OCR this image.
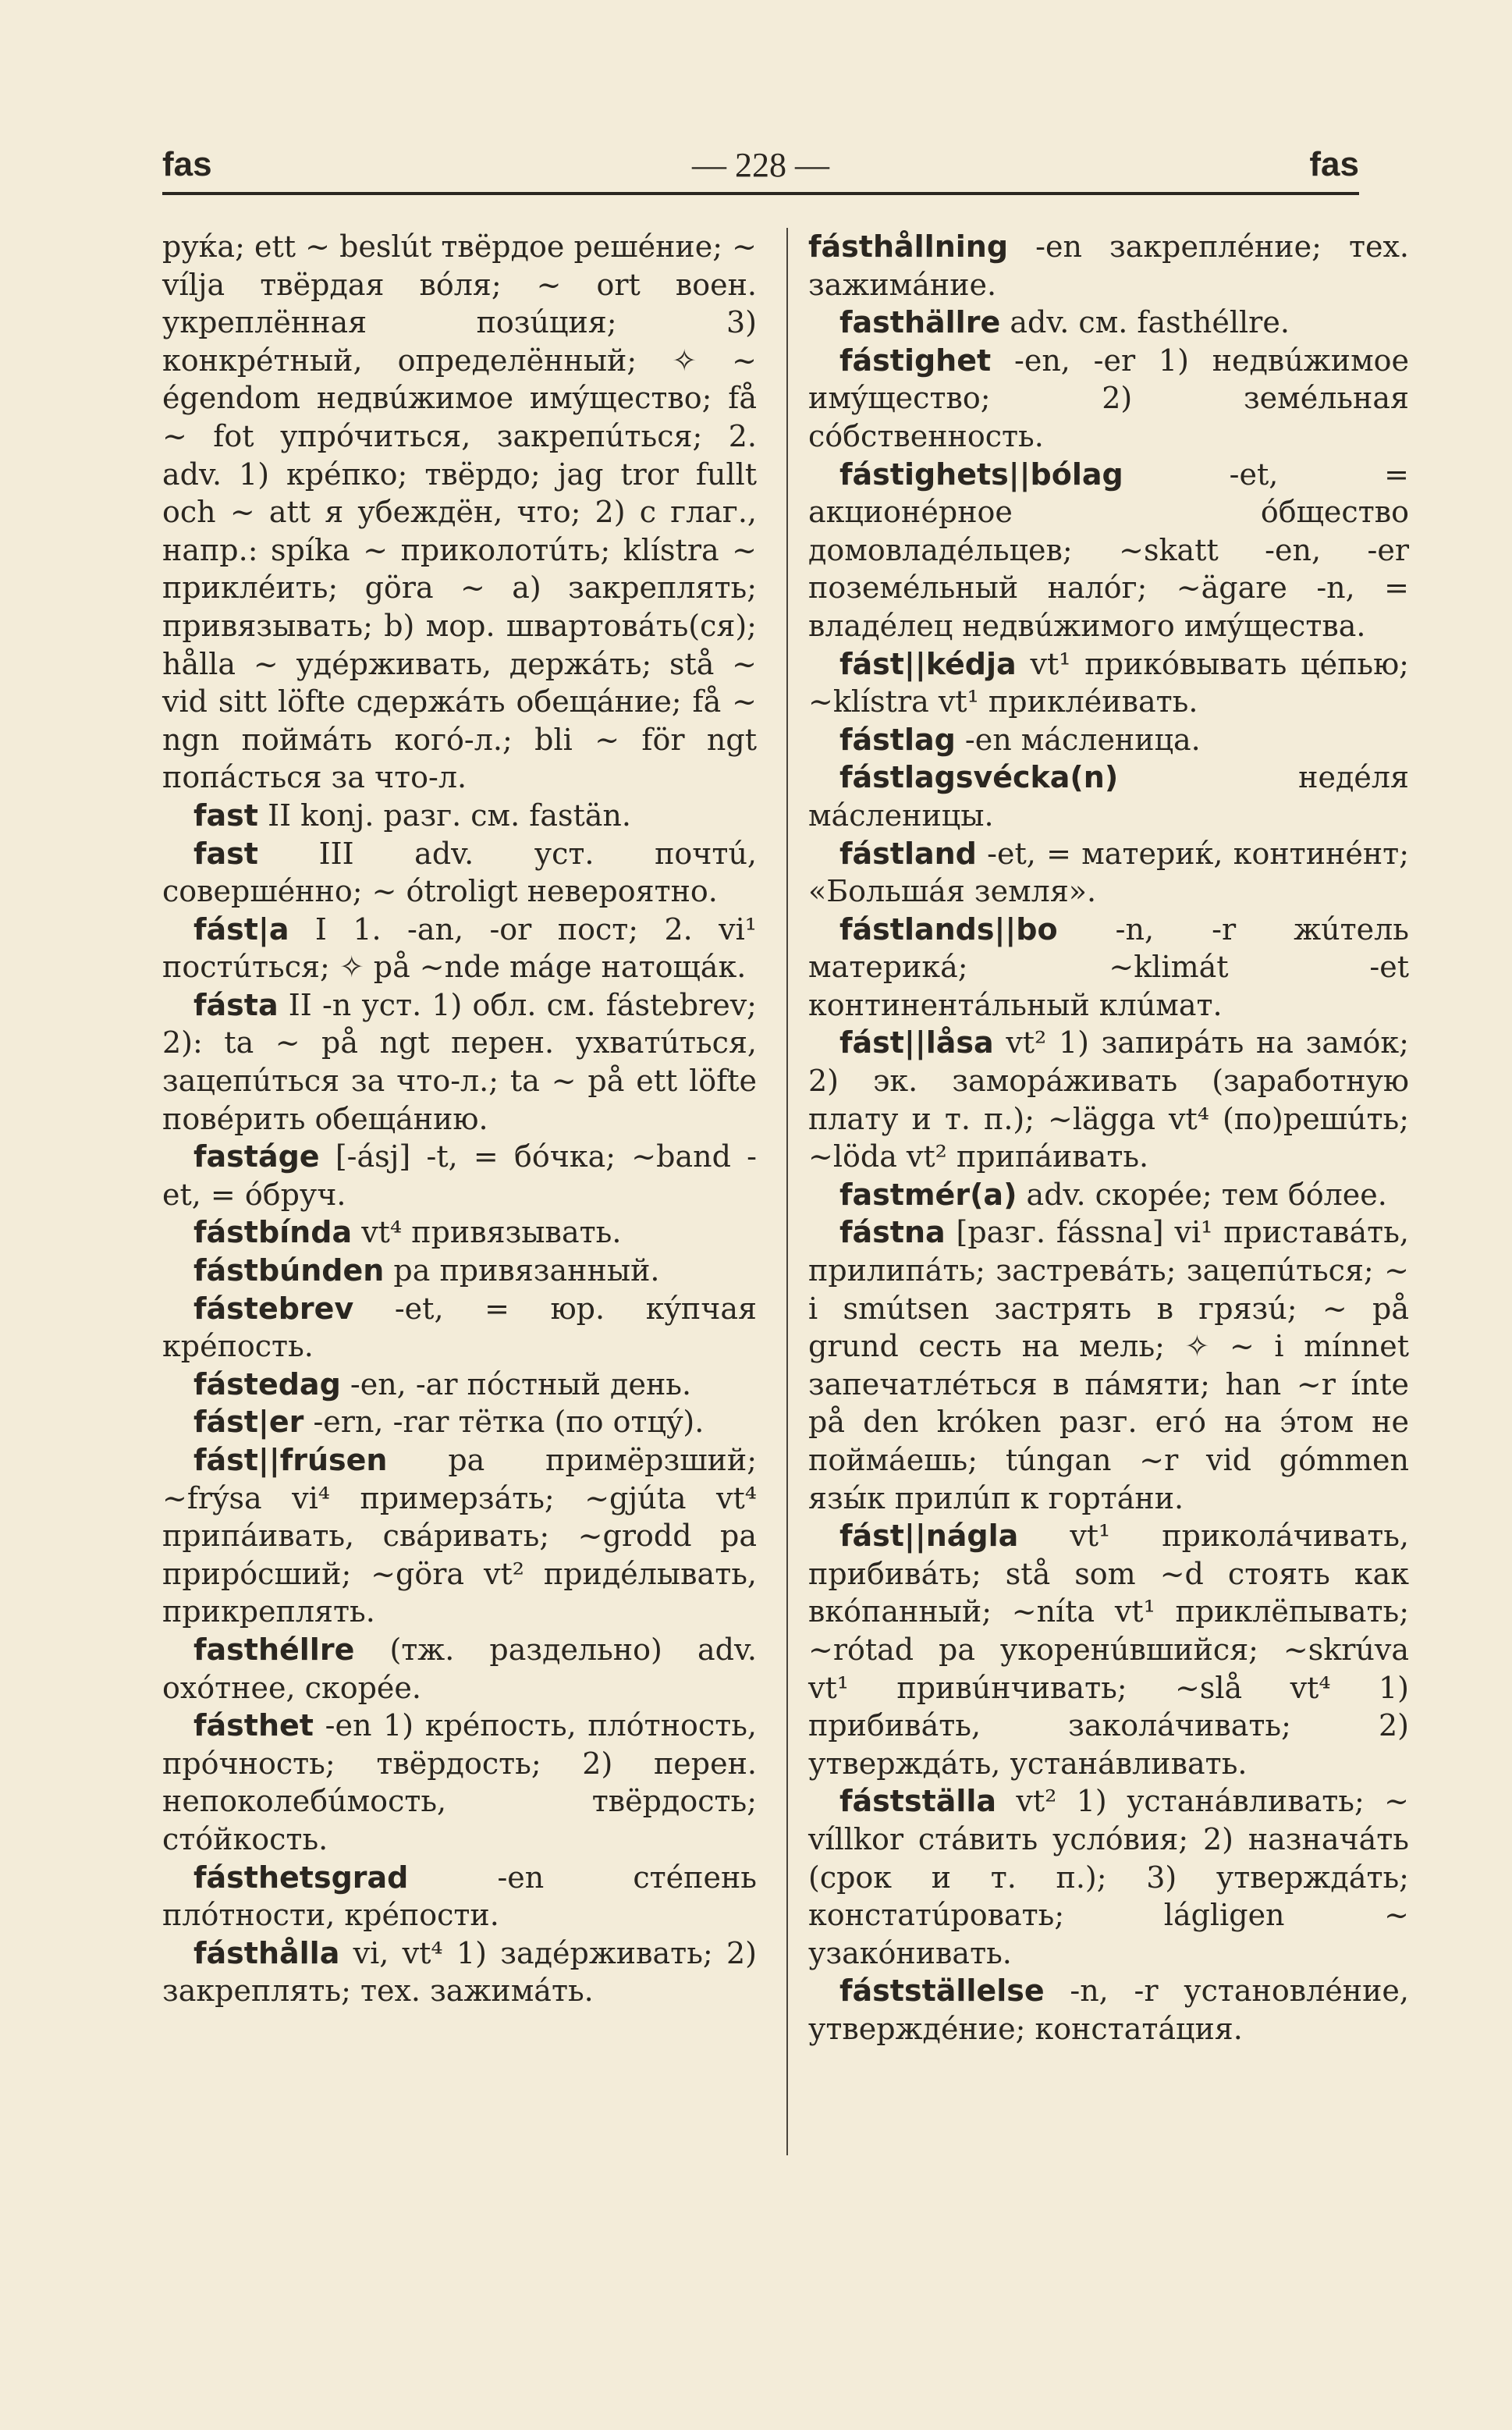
fas	— 228 —	fas

руќа; ett ~ beslút твёрдое решéние; ~ vílja твёрдая вóля; ~ ort воен. укреплённая позúция; 3) конкрéтный, определённый; ✧ ~ égendom недвúжимое имýщество; få ~ fot упрóчиться, закрепúться; 2. adv. 1) крéпко; твёрдо; jag tror fullt och ~ att я убеждён, что; 2) с глаг., напр.: spíka ~ приколотúть; klístra ~ приклéить; göra ~ a) закреплять; привязывать; b) мор. швартовáть(ся); hålla ~ удéрживать, держáть; stå ~ vid sitt löfte сдержáть обещáние; få ~ ngn поймáть когó-л.; bli ~ för ngt попáсться за что-л.

fast II konj. разг. см. fastän.

fast III adv. уст. почтú, совершéнно; ~ ótroligt невероятно.

fást|a I 1. -an, -or пост; 2. vi¹ постúться; ✧ på ~nde máge натощáк.

fásta II -n уст. 1) обл. см. fástebrev; 2): ta ~ på ngt перен. ухватúться, зацепúться за что-л.; ta ~ på ett löfte повéрить обещáнию.

fastáge [-ásj] -t, = бóчка; ~band -et, = óбруч.

fástbínda vt⁴ привязывать.

fástbúnden pa привязанный.

fástebrev -et, = юр. кýпчая крéпость.

fástedag -en, -ar пóстный день.

fást|er -ern, -rar тётка (по отцý).

fást||frúsen pa примёрзший; ~frýsa vi⁴ примерзáть; ~gjúta vt⁴ припáивать, свáривать; ~grodd pa прирóсший; ~göra vt² придéлывать, прикреплять.

fasthéllre (тж. раздельно) adv. охóтнее, скорéе.

fásthet -en 1) крéпость, плóтность, прóчность; твёрдость; 2) перен. непоколебúмость, твёрдость; стóйкость.

fásthetsgrad	-en стéпень плóтности, крéпости.

fásthålla vi, vt⁴ 1) задéрживать; 2) закреплять; тех. зажимáть.

fásthållning -en закреплéние; тех. зажимáние.

fasthällre adv. см. fasthéllre.

fástighet -en, -er 1) недвúжимое имýщество; 2) земéльная сóбственность.

fástighets||bólag	-et, = акционéрное óбщество домовладéльцев; ~skatt -en, -er поземéльный налóг; ~ägare -n, = владéлец недвúжимого имýщества.

fást||kédja vt¹ прикóвывать цéпью; ~klístra vt¹ приклéивать.

fástlag -en мáсленица.

fástlagsvécka(n)	недéля мáсленицы.

fástland -et, = материќ, континéнт; «Большáя земля».

fástlands||bo -n, -r жúтель материкá; ~klimát -et континентáльный клúмат.

fást||låsa vt² 1) запирáть на замóк; 2) эк. заморáживать (заработную плату и т. п.); ~lägga vt⁴ (по)решúть; ~löda vt² припáивать.

fastmér(a) adv. скорéе; тем бóлее.

fástna [разг. fássna] vi¹ приставáть, прилипáть; застревáть; зацепúться; ~ i smútsen застрять в грязú; ~ på grund сесть на мель; ✧ ~ i mínnet запечатлéться в пáмяти; han ~r ínte på den króken разг. егó на э́том не поймáешь; túngan ~r vid gómmen язы́к прилúп к гортáни.

fást||nágla vt¹ приколáчивать, прибивáть; stå som ~d стоять как вкóпанный; ~níta vt¹ приклёпывать; ~rótad pa укоренúвшийся; ~skrúva vt¹ привúнчивать; ~slå vt⁴ 1) прибивáть, заколáчивать; 2) утверждáть, устанáвливать.

fástställa vt² 1) устанáвливать; ~ víllkor стáвить услóвия; 2) назначáть (срок и т. п.); 3) утверждáть; констатúровать; lágligen ~ узакóнивать.

fástställelse -n, -r установлéние, утверждéние; констатáция.
